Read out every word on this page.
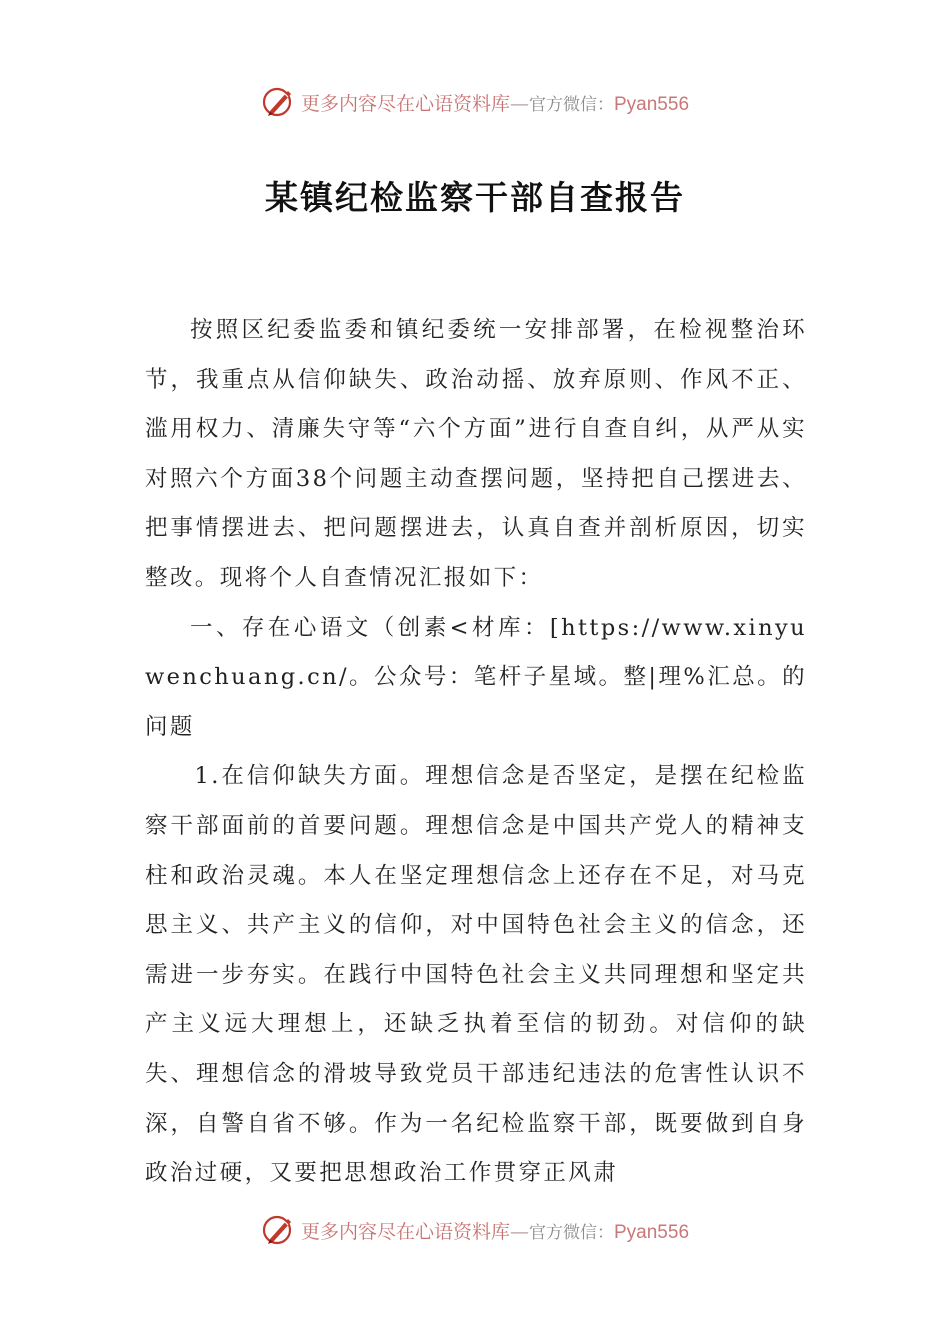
更多内容尽在心语资料库—官方微信：Pyan556
某镇纪检监察干部自查报告

按照区纪委监委和镇纪委统一安排部署，在检视整治环节，我重点从信仰缺失、政治动摇、放弃原则、作风不正、滥用权力、清廉失守等“六个方面”进行自查自纠，从严从实对照六个方面38个问题主动查摆问题，坚持把自己摆进去、把事情摆进去、把问题摆进去，认真自查并剖析原因，切实整改。现将个人自查情况汇报如下：

一、存在心语文（创素<材库：[https://www.xinyuwenchuang.cn/。公众号：笔杆子星域。整|理%汇总。的问题

1.在信仰缺失方面。理想信念是否坚定，是摆在纪检监察干部面前的首要问题。理想信念是中国共产党人的精神支柱和政治灵魂。本人在坚定理想信念上还存在不足，对马克思主义、共产主义的信仰，对中国特色社会主义的信念，还需进一步夯实。在践行中国特色社会主义共同理想和坚定共产主义远大理想上，还缺乏执着至信的韧劲。对信仰的缺失、理想信念的滑坡导致党员干部违纪违法的危害性认识不深，自警自省不够。作为一名纪检监察干部，既要做到自身政治过硬，又要把思想政治工作贯穿正风肃

更多内容尽在心语资料库—官方微信：Pyan556
